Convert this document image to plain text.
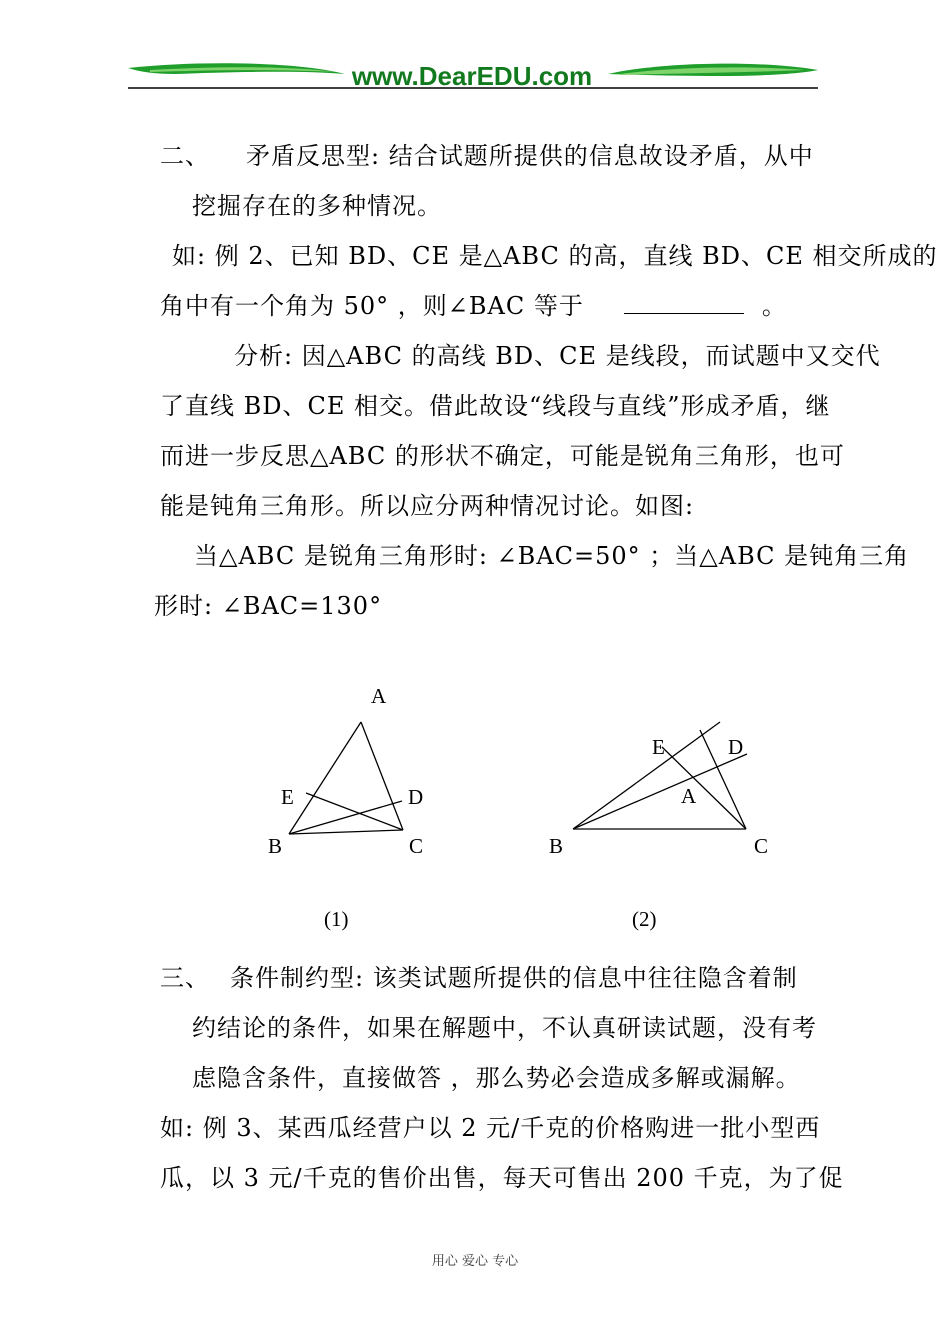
www.DearEDU.com
二、 矛盾反思型: 结合试题所提供的信息故设矛盾，从中
挖掘存在的多种情况。
如: 例 2、已知 BD、CE 是△ABC 的高，直线 BD、CE 相交所成的
角中有一个角为 50° ，则∠BAC 等于	。
分析: 因△ABC 的高线 BD、CE 是线段，而试题中又交代
了直线 BD、CE 相交。借此故设“线段与直线”形成矛盾，继
而进一步反思△ABC 的形状不确定，可能是锐角三角形，也可
能是钝角三角形。所以应分两种情况讨论。如图:
当△ABC 是锐角三角形时: ∠BAC=50° ；当△ABC 是钝角三角
形时: ∠BAC=130°
A
E	D
B	C
E	D
A
B	C
(1)	(2)
三、 条件制约型: 该类试题所提供的信息中往往隐含着制
约结论的条件，如果在解题中，不认真研读试题，没有考
虑隐含条件，直接做答 ，那么势必会造成多解或漏解。
如: 例 3、某西瓜经营户以 2 元/千克的价格购进一批小型西
瓜，以 3 元/千克的售价出售，每天可售出 200 千克，为了促
用心 爱心 专心
